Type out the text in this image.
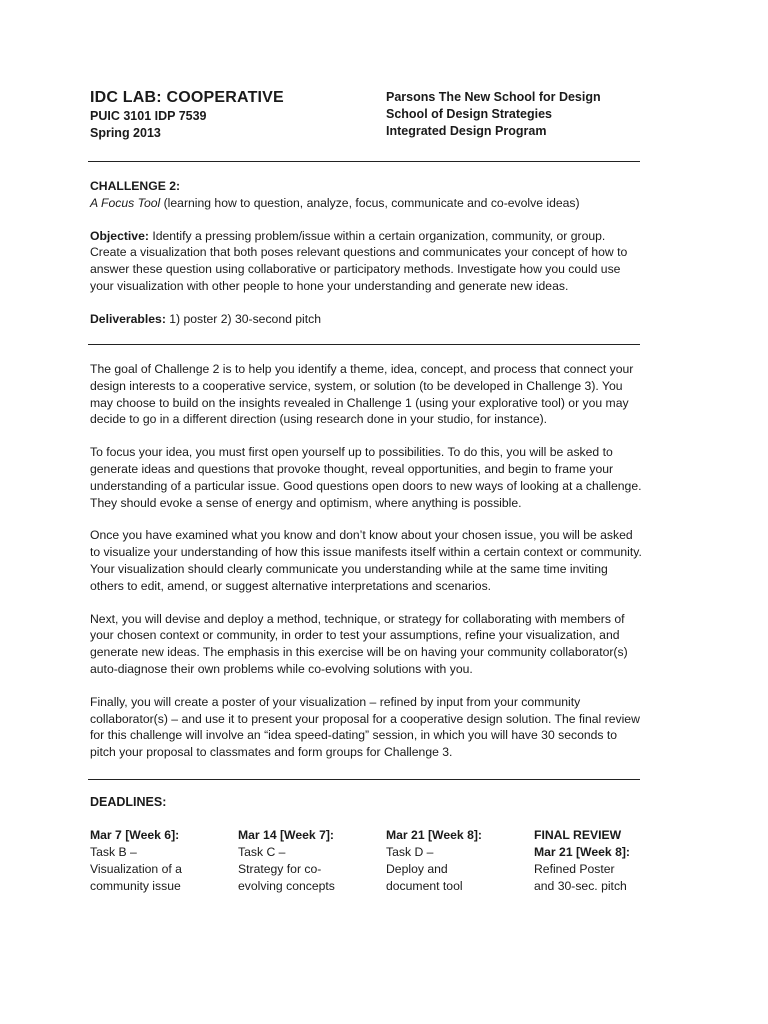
IDC LAB: COOPERATIVE
PUIC 3101 IDP 7539
Spring 2013
Parsons The New School for Design
School of Design Strategies
Integrated Design Program
CHALLENGE 2:
A Focus Tool (learning how to question, analyze, focus, communicate and co-evolve ideas)
Objective: Identify a pressing problem/issue within a certain organization, community, or group. Create a visualization that both poses relevant questions and communicates your concept of how to answer these question using collaborative or participatory methods. Investigate how you could use your visualization with other people to hone your understanding and generate new ideas.
Deliverables: 1) poster 2) 30-second pitch

The goal of Challenge 2 is to help you identify a theme, idea, concept, and process that connect your design interests to a cooperative service, system, or solution (to be developed in Challenge 3). You may choose to build on the insights revealed in Challenge 1 (using your explorative tool) or you may decide to go in a different direction (using research done in your studio, for instance).

To focus your idea, you must first open yourself up to possibilities. To do this, you will be asked to generate ideas and questions that provoke thought, reveal opportunities, and begin to frame your understanding of a particular issue. Good questions open doors to new ways of looking at a challenge. They should evoke a sense of energy and optimism, where anything is possible.

Once you have examined what you know and don’t know about your chosen issue, you will be asked to visualize your understanding of how this issue manifests itself within a certain context or community. Your visualization should clearly communicate you understanding while at the same time inviting others to edit, amend, or suggest alternative interpretations and scenarios.

Next, you will devise and deploy a method, technique, or strategy for collaborating with members of your chosen context or community, in order to test your assumptions, refine your visualization, and generate new ideas. The emphasis in this exercise will be on having your community collaborator(s) auto-diagnose their own problems while co-evolving solutions with you.

Finally, you will create a poster of your visualization – refined by input from your community collaborator(s) – and use it to present your proposal for a cooperative design solution. The final review for this challenge will involve an “idea speed-dating” session, in which you will have 30 seconds to pitch your proposal to classmates and form groups for Challenge 3.

DEADLINES:
Mar 7 [Week 6]:
Task B –
Visualization of a
community issue
Mar 14 [Week 7]:
Task C –
Strategy for co-
evolving concepts
Mar 21 [Week 8]:
Task D –
Deploy and
document tool
FINAL REVIEW
Mar 21 [Week 8]:
Refined Poster
and 30-sec. pitch
